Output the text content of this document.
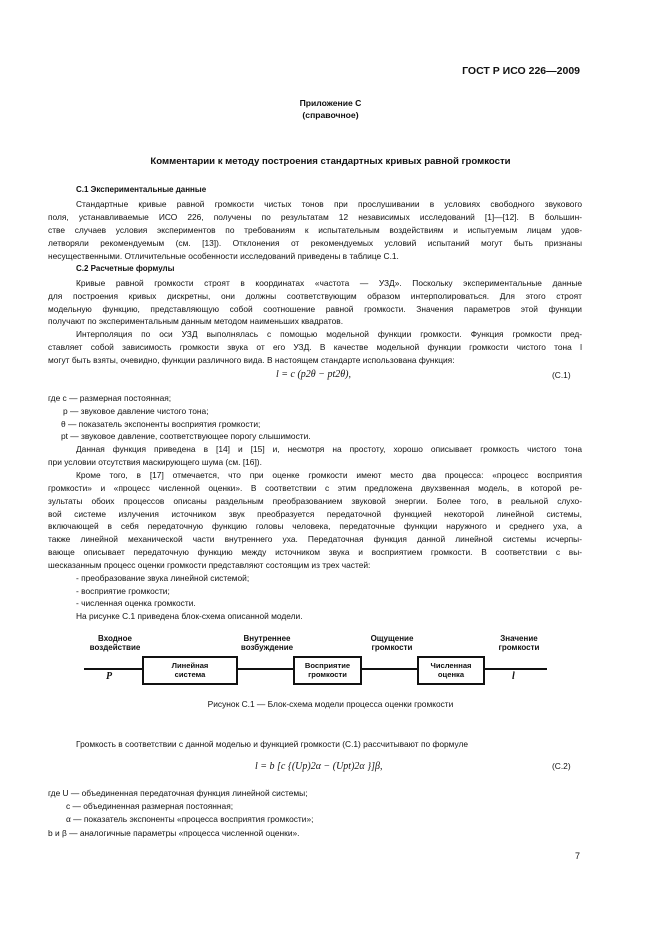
ГОСТ Р ИСО 226—2009
Приложение С
(справочное)
Комментарии к методу построения стандартных кривых равной громкости
С.1 Экспериментальные данные
Стандартные кривые равной громкости чистых тонов при прослушивании в условиях свободного звукового
поля, устанавливаемые ИСО 226, получены по результатам 12 независимых исследований [1]—[12]. В большин-
стве случаев условия экспериментов по требованиям к испытательным воздействиям и испытуемым лицам удов-
летворяли рекомендуемым (см. [13]). Отклонения от рекомендуемых условий испытаний могут быть признаны
несущественными. Отличительные особенности исследований приведены в таблице С.1.
С.2 Расчетные формулы
Кривые равной громкости строят в координатах «частота — УЗД». Поскольку экспериментальные данные
для построения кривых дискретны, они должны соответствующим образом интерполироваться. Для этого строят
модельную функцию, представляющую собой соотношение равной громкости. Значения параметров этой функции
получают по экспериментальным данным методом наименьших квадратов.
Интерполяция по оси УЗД выполнялась с помощью модельной функции громкости. Функция громкости пред-
ставляет собой зависимость громкости звука от его УЗД. В качестве модельной функции громкости чистого тона l
могут быть взяты, очевидно, функции различного вида. В настоящем стандарте использована функция:
l = c (p2θ − pt2θ),	(С.1)
где c — размерная постоянная;
p — звуковое давление чистого тона;
θ — показатель экспоненты восприятия громкости;
pt — звуковое давление, соответствующее порогу слышимости.
Данная функция приведена в [14] и [15] и, несмотря на простоту, хорошо описывает громкость чистого тона
при условии отсутствия маскирующего шума (см. [16]).
Кроме того, в [17] отмечается, что при оценке громкости имеют место два процесса: «процесс восприятия
громкости» и «процесс численной оценки». В соответствии с этим предложена двухзвенная модель, в которой ре-
зультаты обоих процессов описаны раздельным преобразованием звуковой энергии. Более того, в реальной слухо-
вой системе излучения источником звук преобразуется передаточной функцией некоторой линейной системы,
включающей в себя передаточную функцию головы человека, передаточные функции наружного и среднего уха, а
также линейной механической части внутреннего уха. Передаточная функция данной линейной системы исчерпы-
вающе описывает передаточную функцию между источником звука и восприятием громкости. В соответствии с вы-
шесказанным процесс оценки громкости представляют состоящим из трех частей:
- преобразование звука линейной системой;
- восприятие громкости;
- численная оценка громкости.
На рисунке С.1 приведена блок-схема описанной модели.
Входное
воздействие
Внутреннее
возбуждение
Ощущение
громкости
Значение
громкости
Линейная
система
Восприятие
громкости
Численная
оценка
P	l
Рисунок С.1 — Блок-схема модели процесса оценки громкости
Громкость в соответствии с данной моделью и функцией громкости (С.1) рассчитывают по формуле
l = b [c {(Up)2α − (Upt)2α }]β,	(С.2)
где U — объединенная передаточная функция линейной системы;
c — объединенная размерная постоянная;
α — показатель экспоненты «процесса восприятия громкости»;
b и β — аналогичные параметры «процесса численной оценки».
7
